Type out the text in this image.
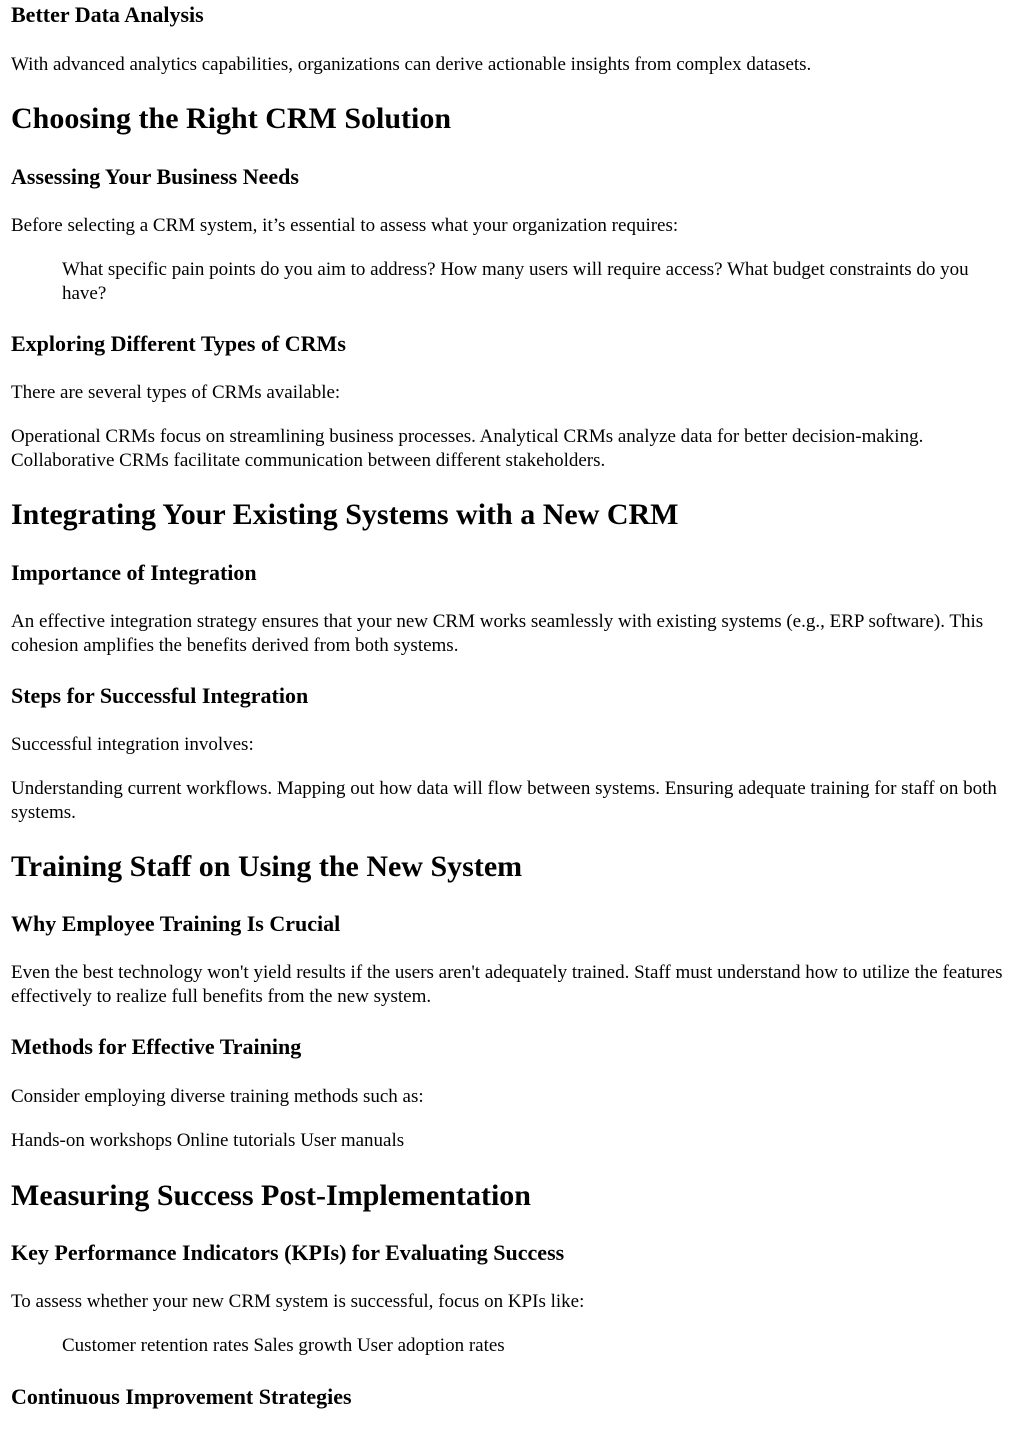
Better Data Analysis

With advanced analytics capabilities, organizations can derive actionable insights from complex datasets.

Choosing the Right CRM Solution
Assessing Your Business Needs

Before selecting a CRM system, it’s essential to assess what your organization requires:

What specific pain points do you aim to address? How many users will require access? What budget constraints do you have?
Exploring Different Types of CRMs

There are several types of CRMs available:

Operational CRMs focus on streamlining business processes. Analytical CRMs analyze data for better decision-making. Collaborative CRMs facilitate communication between different stakeholders.

Integrating Your Existing Systems with a New CRM
Importance of Integration

An effective integration strategy ensures that your new CRM works seamlessly with existing systems (e.g., ERP software). This cohesion amplifies the benefits derived from both systems.

Steps for Successful Integration

Successful integration involves:

Understanding current workflows. Mapping out how data will flow between systems. Ensuring adequate training for staff on both systems.

Training Staff on Using the New System
Why Employee Training Is Crucial

Even the best technology won't yield results if the users aren't adequately trained. Staff must understand how to utilize the features effectively to realize full benefits from the new system.

Methods for Effective Training

Consider employing diverse training methods such as:

Hands-on workshops Online tutorials User manuals

Measuring Success Post-Implementation
Key Performance Indicators (KPIs) for Evaluating Success

To assess whether your new CRM system is successful, focus on KPIs like:

Customer retention rates Sales growth User adoption rates
Continuous Improvement Strategies
